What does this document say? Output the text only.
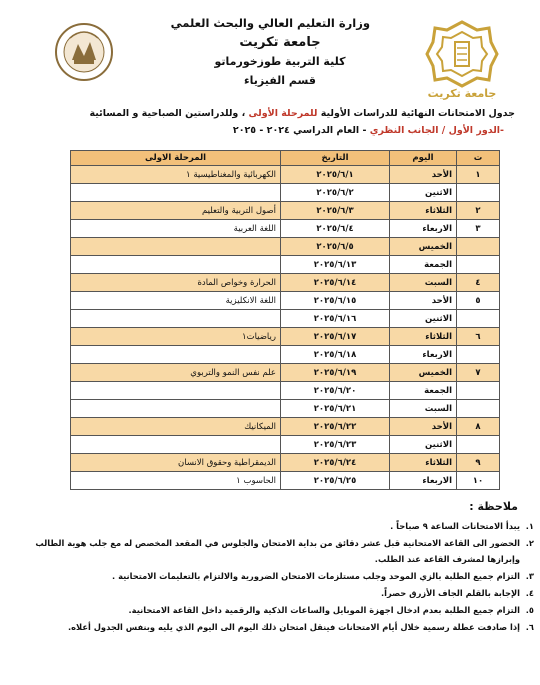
وزارة التعليم العالي والبحث العلمي
جامعة تكريت
كلية التربية طوزخورماتو
قسم الفيزياء
جامعة تكريت
جدول الامتحانات النهائية للدراسات الأولية للمرحلة الأولى ، وللدراستين الصباحية و المسائية
-الدور الأول / الجانب النظري - العام الدراسي ٢٠٢٤ - ٢٠٢٥
ت	اليوم	التاريخ	المرحلة الاولى
١	الأحد	٢٠٢٥/٦/١	الكهربائية والمغناطيسية ١
	الاثنين	٢٠٢٥/٦/٢	
٢	الثلاثاء	٢٠٢٥/٦/٣	أصول التربية والتعليم
٣	الاربعاء	٢٠٢٥/٦/٤	اللغة العربية
	الخميس	٢٠٢٥/٦/٥	
	الجمعة	٢٠٢٥/٦/١٣	
٤	السبت	٢٠٢٥/٦/١٤	الحرارة وخواص المادة
٥	الأحد	٢٠٢٥/٦/١٥	اللغة الانكليزية
	الاثنين	٢٠٢٥/٦/١٦	
٦	الثلاثاء	٢٠٢٥/٦/١٧	رياضيات١
	الاربعاء	٢٠٢٥/٦/١٨	
٧	الخميس	٢٠٢٥/٦/١٩	علم نفس النمو والتربوي
	الجمعة	٢٠٢٥/٦/٢٠	
	السبت	٢٠٢٥/٦/٢١	
٨	الأحد	٢٠٢٥/٦/٢٢	الميكانيك
	الاثنين	٢٠٢٥/٦/٢٣	
٩	الثلاثاء	٢٠٢٥/٦/٢٤	الديمقراطية وحقوق الانسان
١٠	الاربعاء	٢٠٢٥/٦/٢٥	الحاسوب ١
ملاحظة :
١.
يبدأ الامتحانات الساعة ٩ صباحاً .
٢.
الحضور الى القاعة الامتحانية قبل عشر دقائق من بداية الامتحان والجلوس في المقعد المخصص له مع جلب هوية الطالب وإبرازها لمشرف القاعة عند الطلب.
٣.
التزام جميع الطلبة بالزي الموحد وجلب مستلزمات الامتحان الضرورية والالتزام بالتعليمات الامتحانية .
٤.
الإجابة بالقلم الجاف الأزرق حصراً.
٥.
التزام جميع الطلبة بعدم ادخال اجهزة الموبايل والساعات الذكية والرقمية داخل القاعة الامتحانية.
٦.
إذا صادفت عطلة رسمية خلال أيام الامتحانات فينقل امتحان ذلك اليوم الى اليوم الذي يليه وبنفس الجدول أعلاه.
